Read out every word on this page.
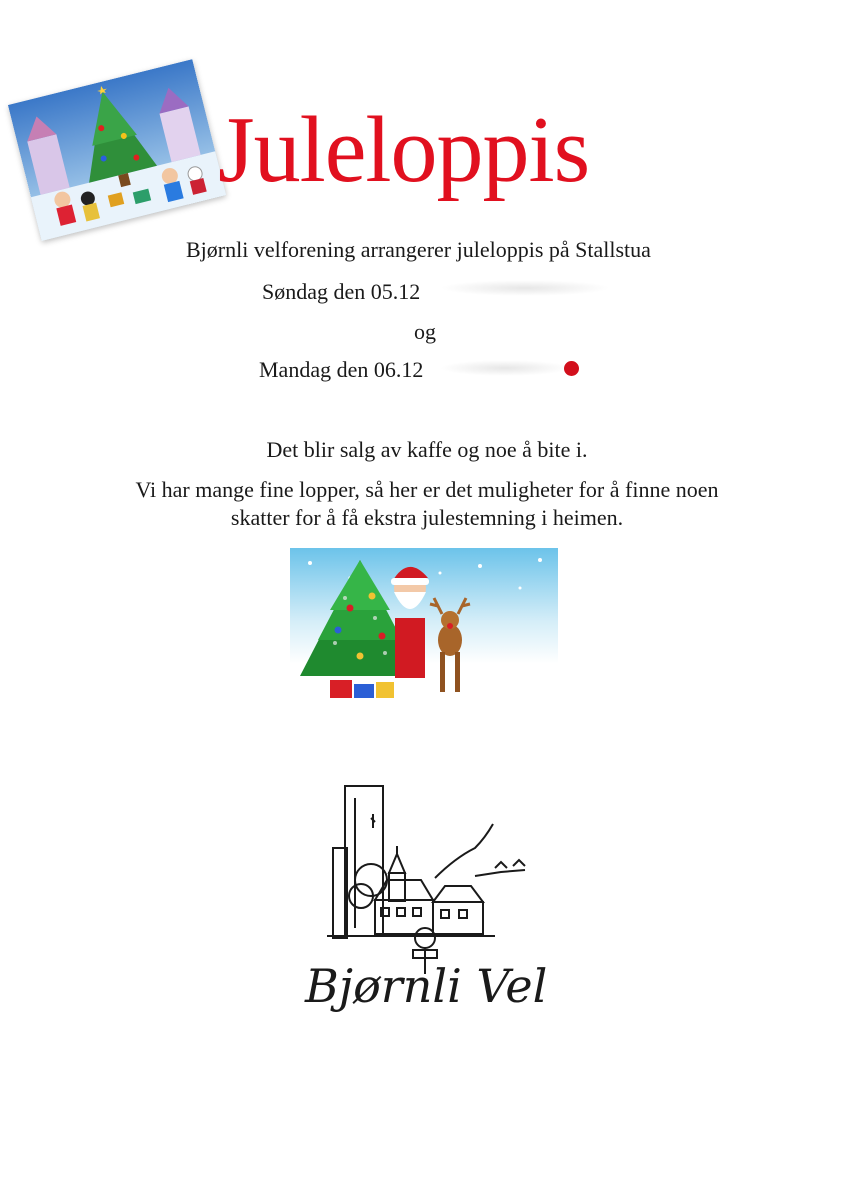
Juleloppis
Bjørnli velforening arrangerer juleloppis på Stallstua
Søndag den 05.12
og
Mandag den 06.12
Det blir salg av kaffe og noe å bite i.
Vi har mange fine lopper, så her er det muligheter for å finne noen skatter for å få ekstra julestemning i heimen.
Bjørnli Vel
